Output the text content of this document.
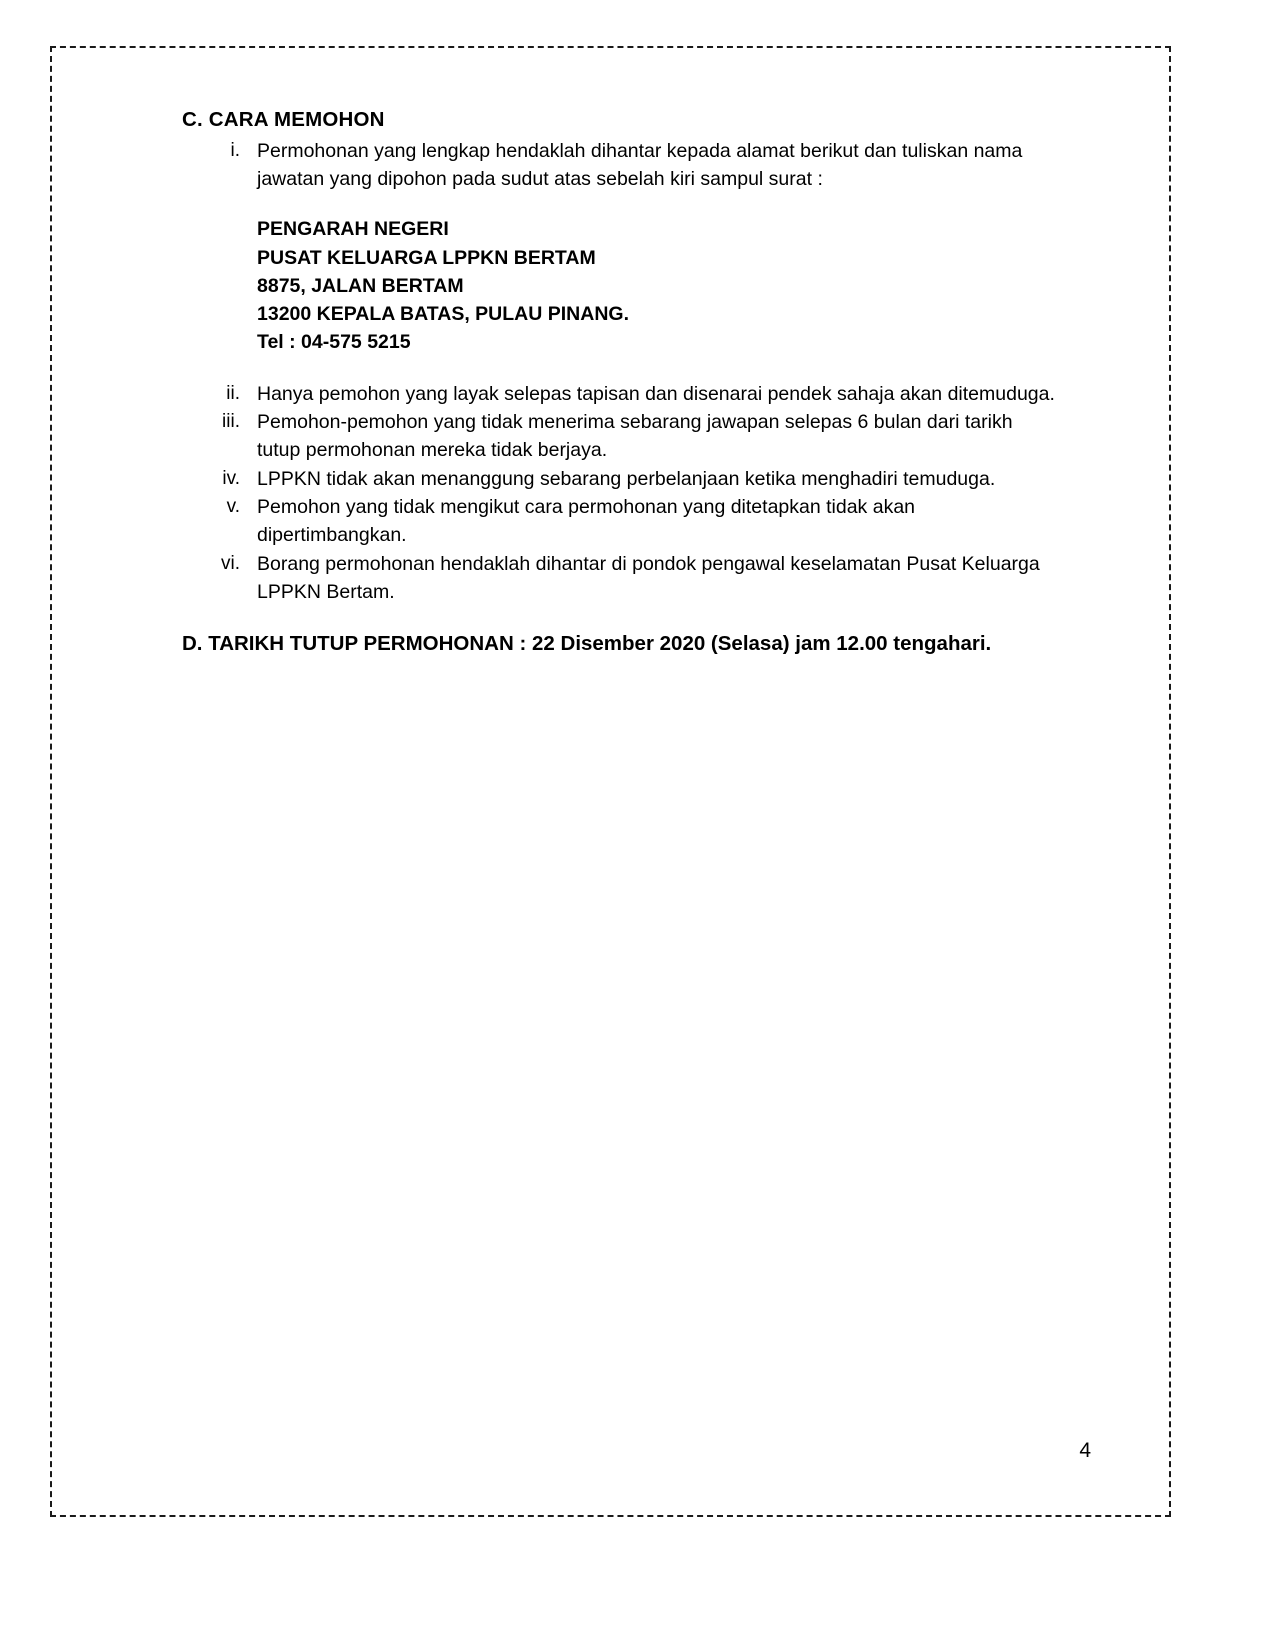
C. CARA MEMOHON
i. Permohonan yang lengkap hendaklah dihantar kepada alamat berikut dan tuliskan nama jawatan yang dipohon pada sudut atas sebelah kiri sampul surat :
PENGARAH NEGERI
PUSAT KELUARGA LPPKN BERTAM
8875, JALAN BERTAM
13200 KEPALA BATAS, PULAU PINANG.
Tel : 04-575 5215
ii. Hanya pemohon yang layak selepas tapisan dan disenarai pendek sahaja akan ditemuduga.
iii. Pemohon-pemohon yang tidak menerima sebarang jawapan selepas 6 bulan dari tarikh tutup permohonan mereka tidak berjaya.
iv. LPPKN tidak akan menanggung sebarang perbelanjaan ketika menghadiri temuduga.
v. Pemohon yang tidak mengikut cara permohonan yang ditetapkan tidak akan dipertimbangkan.
vi. Borang permohonan hendaklah dihantar di pondok pengawal keselamatan Pusat Keluarga LPPKN Bertam.
D. TARIKH TUTUP PERMOHONAN : 22 Disember 2020 (Selasa) jam 12.00 tengahari.
4
